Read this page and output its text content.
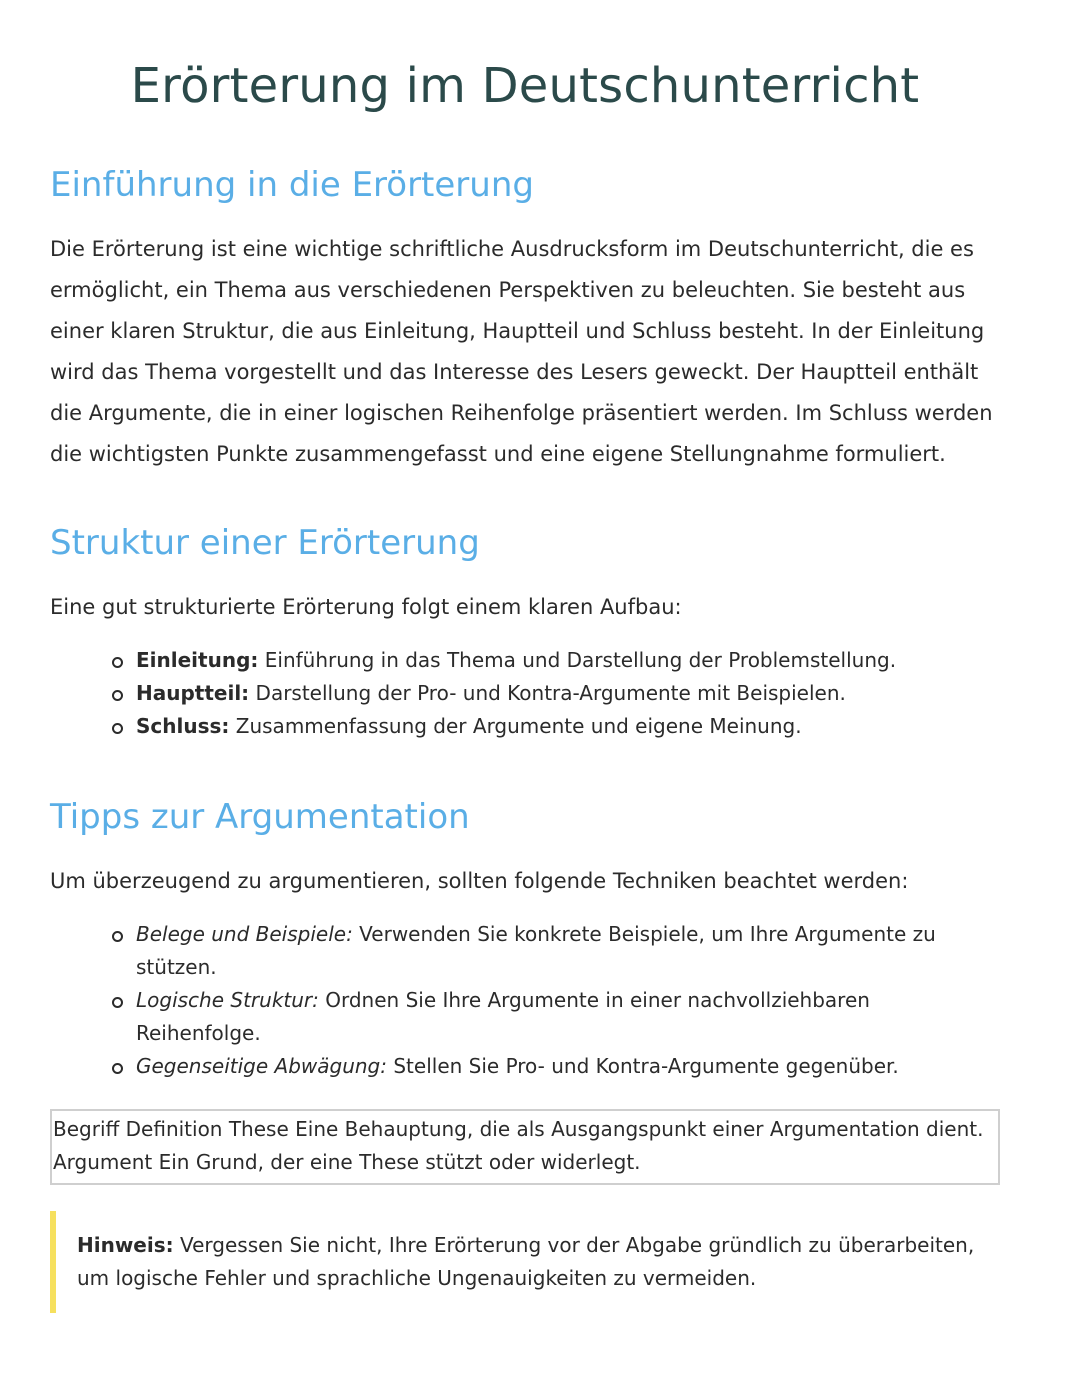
Erörterung im Deutschunterricht
Einführung in die Erörterung

Die Erörterung ist eine wichtige schriftliche Ausdrucksform im Deutschunterricht, die es ermöglicht, ein Thema aus verschiedenen Perspektiven zu beleuchten. Sie besteht aus einer klaren Struktur, die aus Einleitung, Hauptteil und Schluss besteht. In der Einleitung wird das Thema vorgestellt und das Interesse des Lesers geweckt. Der Hauptteil enthält die Argumente, die in einer logischen Reihenfolge präsentiert werden. Im Schluss werden die wichtigsten Punkte zusammengefasst und eine eigene Stellungnahme formuliert.

Struktur einer Erörterung

Eine gut strukturierte Erörterung folgt einem klaren Aufbau:

Einleitung: Einführung in das Thema und Darstellung der Problemstellung.
Hauptteil: Darstellung der Pro- und Kontra-Argumente mit Beispielen.
Schluss: Zusammenfassung der Argumente und eigene Meinung.
Tipps zur Argumentation

Um überzeugend zu argumentieren, sollten folgende Techniken beachtet werden:

Belege und Beispiele: Verwenden Sie konkrete Beispiele, um Ihre Argumente zu stützen.
Logische Struktur: Ordnen Sie Ihre Argumente in einer nachvollziehbaren Reihenfolge.
Gegenseitige Abwägung: Stellen Sie Pro- und Kontra-Argumente gegenüber.
Begriff Definition These Eine Behauptung, die als Ausgangspunkt einer Argumentation dient. Argument Ein Grund, der eine These stützt oder widerlegt.
Hinweis: Vergessen Sie nicht, Ihre Erörterung vor der Abgabe gründlich zu überarbeiten, um logische Fehler und sprachliche Ungenauigkeiten zu vermeiden.
